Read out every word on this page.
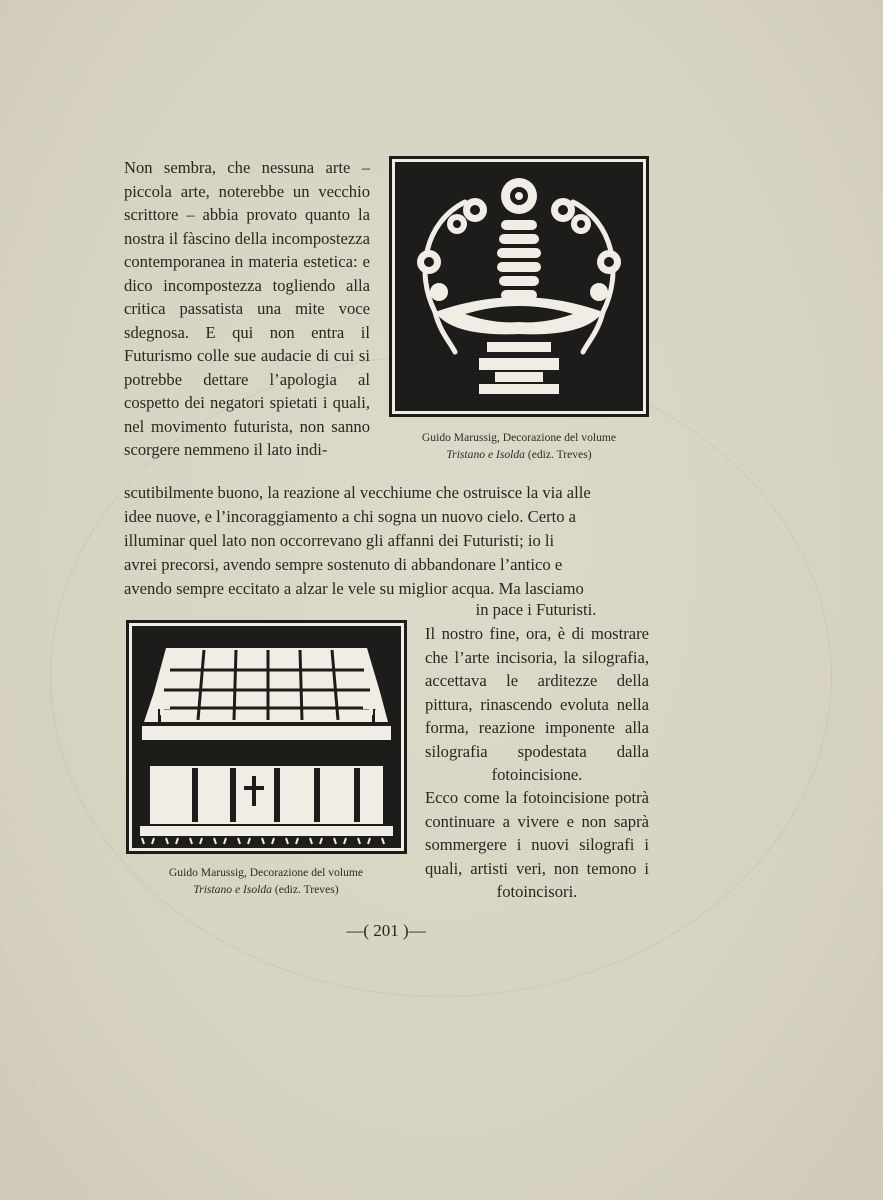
Non sembra, che nessuna arte – piccola arte, noterebbe un vecchio scrittore – abbia provato quanto la nostra il fàscino della incompostezza contemporanea in materia estetica: e dico incompostezza togliendo alla critica passatista una mite voce sdegnosa. E qui non entra il Futurismo colle sue audacie di cui si potrebbe dettare l’apologia al cospetto dei negatori spietati i quali, nel movimento futurista, non sanno scorgere nemmeno il lato indi-

scutibilmente buono, la reazione al vecchiume che ostruisce la via alle
idee nuove, e l’incoraggiamento a chi sogna un nuovo cielo. Certo a
illuminar quel lato non occorrevano gli affanni dei Futuristi; io li
avrei precorsi, avendo sempre sostenuto di abbandonare l’antico e
avendo sempre eccitato a alzar le vele su miglior acqua. Ma lasciamo
in pace i Futuristi.

Il nostro fine, ora, è di mostrare che l’arte incisoria, la silografia, accettava le arditezze della pittura, rinascendo evoluta nella forma, reazione imponente alla silografia spodestata dalla fotoincisione.

Ecco come la fotoincisione potrà continuare a vivere e non saprà sommergere i nuovi silografi i quali, artisti veri, non temono i fotoincisori.

Guido Marussig, Decorazione del volume
Tristano e Isolda (ediz. Treves)
Guido Marussig, Decorazione del volume
Tristano e Isolda (ediz. Treves)
—( 201 )—
